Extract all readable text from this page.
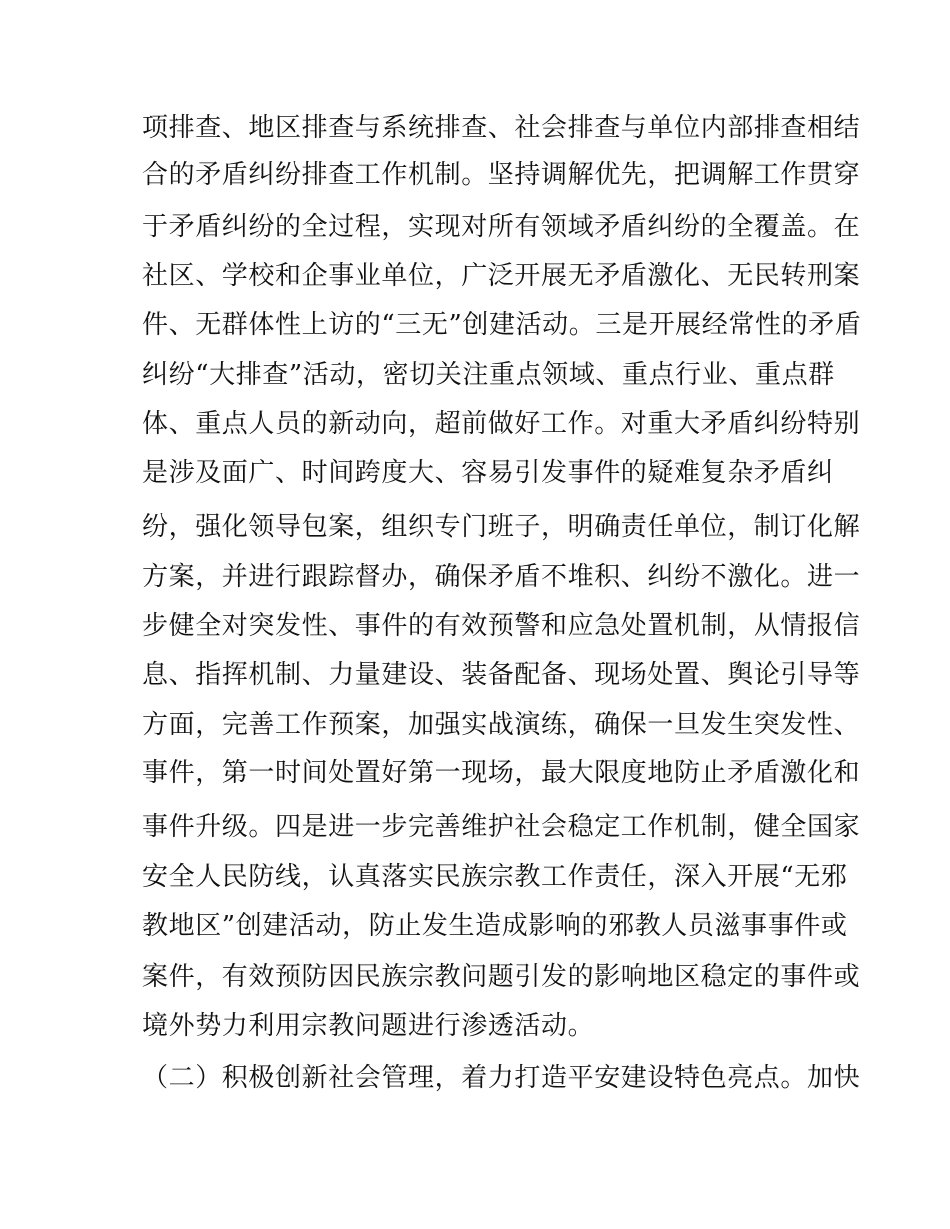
项排查、地区排查与系统排查、社会排查与单位内部排查相结
合的矛盾纠纷排查工作机制。坚持调解优先，把调解工作贯穿
于矛盾纠纷的全过程，实现对所有领域矛盾纠纷的全覆盖。在
社区、学校和企事业单位，广泛开展无矛盾激化、无民转刑案
件、无群体性上访的“三无”创建活动。三是开展经常性的矛盾
纠纷“大排查”活动，密切关注重点领域、重点行业、重点群
体、重点人员的新动向，超前做好工作。对重大矛盾纠纷特别
是涉及面广、时间跨度大、容易引发事件的疑难复杂矛盾纠
纷，强化领导包案，组织专门班子，明确责任单位，制订化解
方案，并进行跟踪督办，确保矛盾不堆积、纠纷不激化。进一
步健全对突发性、事件的有效预警和应急处置机制，从情报信
息、指挥机制、力量建设、装备配备、现场处置、舆论引导等
方面，完善工作预案，加强实战演练，确保一旦发生突发性、
事件，第一时间处置好第一现场，最大限度地防止矛盾激化和
事件升级。四是进一步完善维护社会稳定工作机制，健全国家
安全人民防线，认真落实民族宗教工作责任，深入开展“无邪
教地区”创建活动，防止发生造成影响的邪教人员滋事事件或
案件，有效预防因民族宗教问题引发的影响地区稳定的事件或
境外势力利用宗教问题进行渗透活动。
（二）积极创新社会管理，着力打造平安建设特色亮点。加快
